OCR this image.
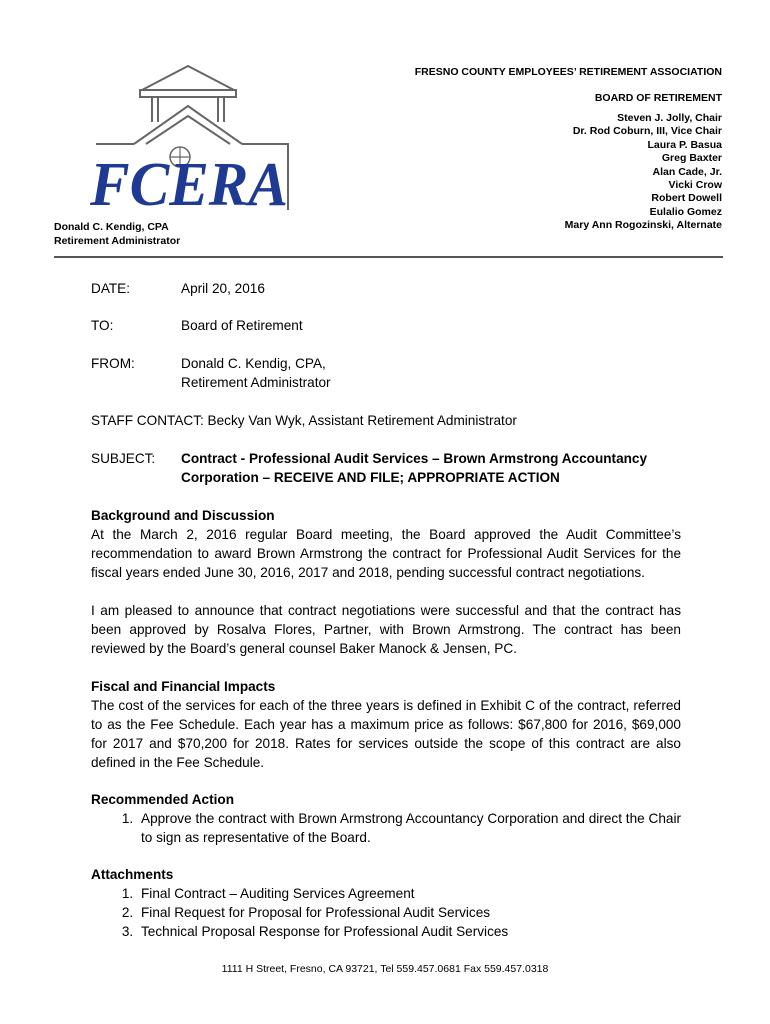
FCERA
FRESNO COUNTY EMPLOYEES’ RETIREMENT ASSOCIATION
BOARD OF RETIREMENT
Steven J. Jolly, Chair
Dr. Rod Coburn, III, Vice Chair
Laura P. Basua
Greg Baxter
Alan Cade, Jr.
Vicki Crow
Robert Dowell
Eulalio Gomez
Mary Ann Rogozinski, Alternate
Donald C. Kendig, CPA
Retirement Administrator
DATE:	April 20, 2016
TO:	Board of Retirement
FROM:	Donald C. Kendig, CPA,
Retirement Administrator
STAFF CONTACT: Becky Van Wyk, Assistant Retirement Administrator
SUBJECT: Contract - Professional Audit Services – Brown Armstrong Accountancy
Corporation – RECEIVE AND FILE; APPROPRIATE ACTION
Background and Discussion

At the March 2, 2016 regular Board meeting, the Board approved the Audit Committee’s recommendation to award Brown Armstrong the contract for Professional Audit Services for the fiscal years ended June 30, 2016, 2017 and 2018, pending successful contract negotiations.

I am pleased to announce that contract negotiations were successful and that the contract has been approved by Rosalva Flores, Partner, with Brown Armstrong. The contract has been reviewed by the Board’s general counsel Baker Manock & Jensen, PC.

Fiscal and Financial Impacts

The cost of the services for each of the three years is defined in Exhibit C of the contract, referred to as the Fee Schedule. Each year has a maximum price as follows: $67,800 for 2016, $69,000 for 2017 and $70,200 for 2018. Rates for services outside the scope of this contract are also defined in the Fee Schedule.

Recommended Action
1. Approve the contract with Brown Armstrong Accountancy Corporation and direct the Chair to sign as representative of the Board.
Attachments
1. Final Contract – Auditing Services Agreement
2. Final Request for Proposal for Professional Audit Services
3. Technical Proposal Response for Professional Audit Services
1111 H Street, Fresno, CA 93721, Tel 559.457.0681 Fax 559.457.0318
